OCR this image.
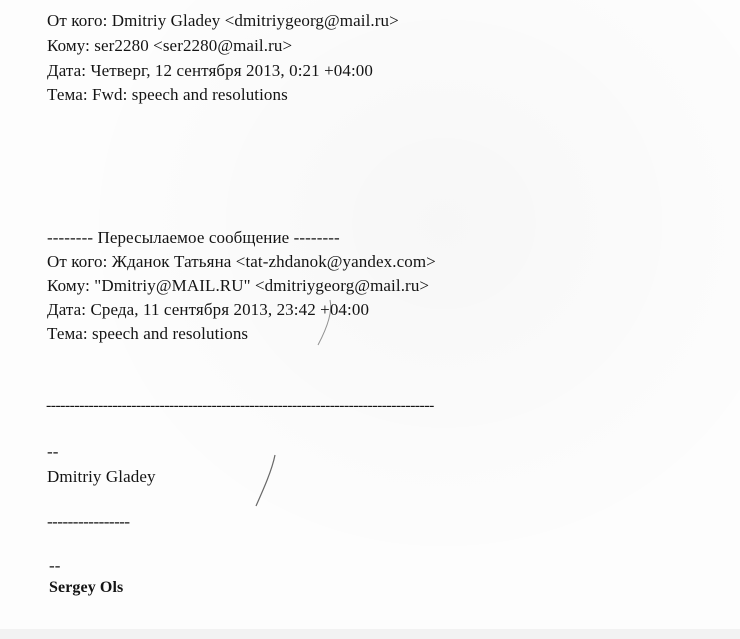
От кого: Dmitriy Gladey <dmitriygeorg@mail.ru>
Кому: ser2280 <ser2280@mail.ru>
Дата: Четверг, 12 сентября 2013, 0:21 +04:00
Тема: Fwd: speech and resolutions
-------- Пересылаемое сообщение --------
От кого: Жданок Татьяна <tat-zhdanok@yandex.com>
Кому: "Dmitriy@MAIL.RU" <dmitriygeorg@mail.ru>
Дата: Среда, 11 сентября 2013, 23:42 +04:00
Тема: speech and resolutions
----------------------------------------------------------------------------------
--
Dmitriy Gladey
----------------
--
Sergey Ols
